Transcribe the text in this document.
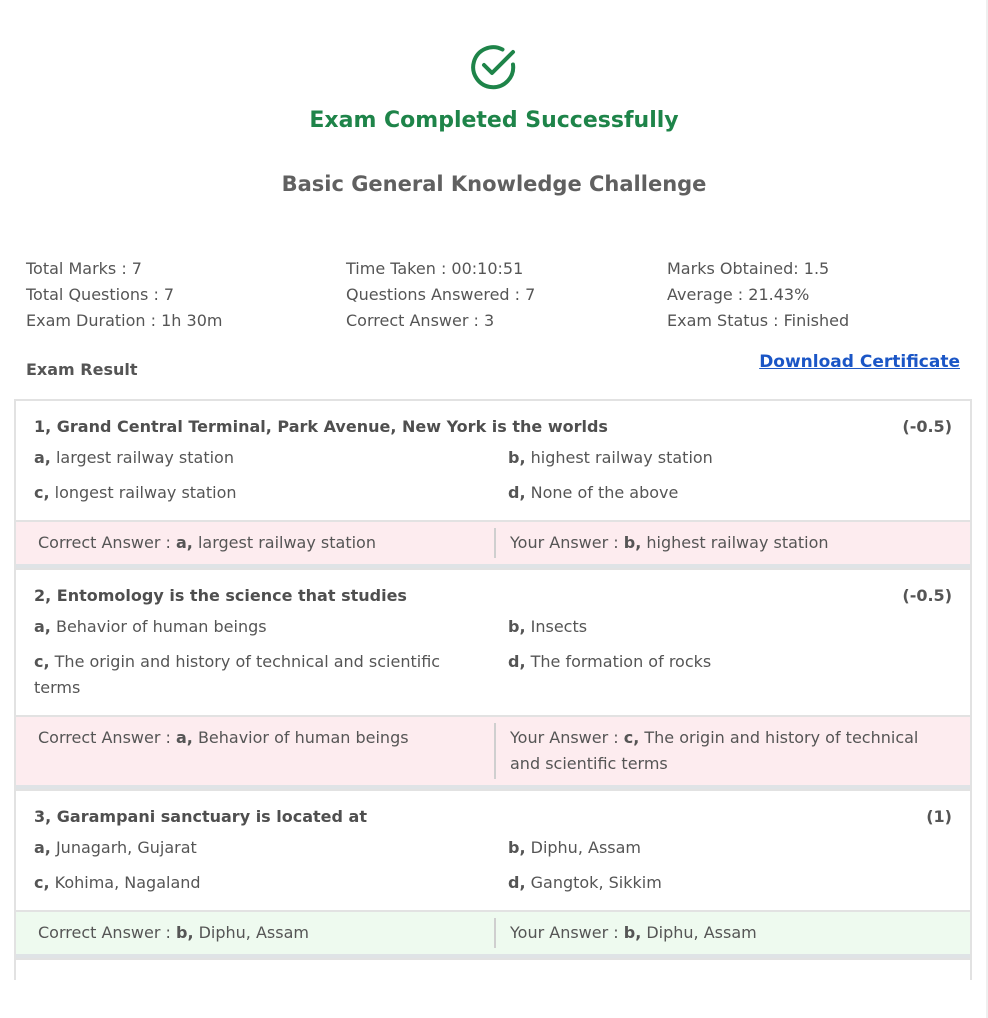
Exam Completed Successfully
Basic General Knowledge Challenge
Total Marks : 7
Total Questions : 7
Exam Duration : 1h 30m
Time Taken : 00:10:51
Questions Answered : 7
Correct Answer : 3
Marks Obtained: 1.5
Average : 21.43%
Exam Status : Finished
Exam Result	Download Certificate
1, Grand Central Terminal, Park Avenue, New York is the worlds	(-0.5)
a, largest railway station	b, highest railway station
c, longest railway station	d, None of the above
Correct Answer : a, largest railway station	Your Answer : b, highest railway station
2, Entomology is the science that studies	(-0.5)
a, Behavior of human beings	b, Insects
c, The origin and history of technical and scientific terms
d, The formation of rocks
Correct Answer : a, Behavior of human beings	Your Answer : c, The origin and history of technical and scientific terms
3, Garampani sanctuary is located at	(1)
a, Junagarh, Gujarat	b, Diphu, Assam
c, Kohima, Nagaland	d, Gangtok, Sikkim
Correct Answer : b, Diphu, Assam	Your Answer : b, Diphu, Assam
